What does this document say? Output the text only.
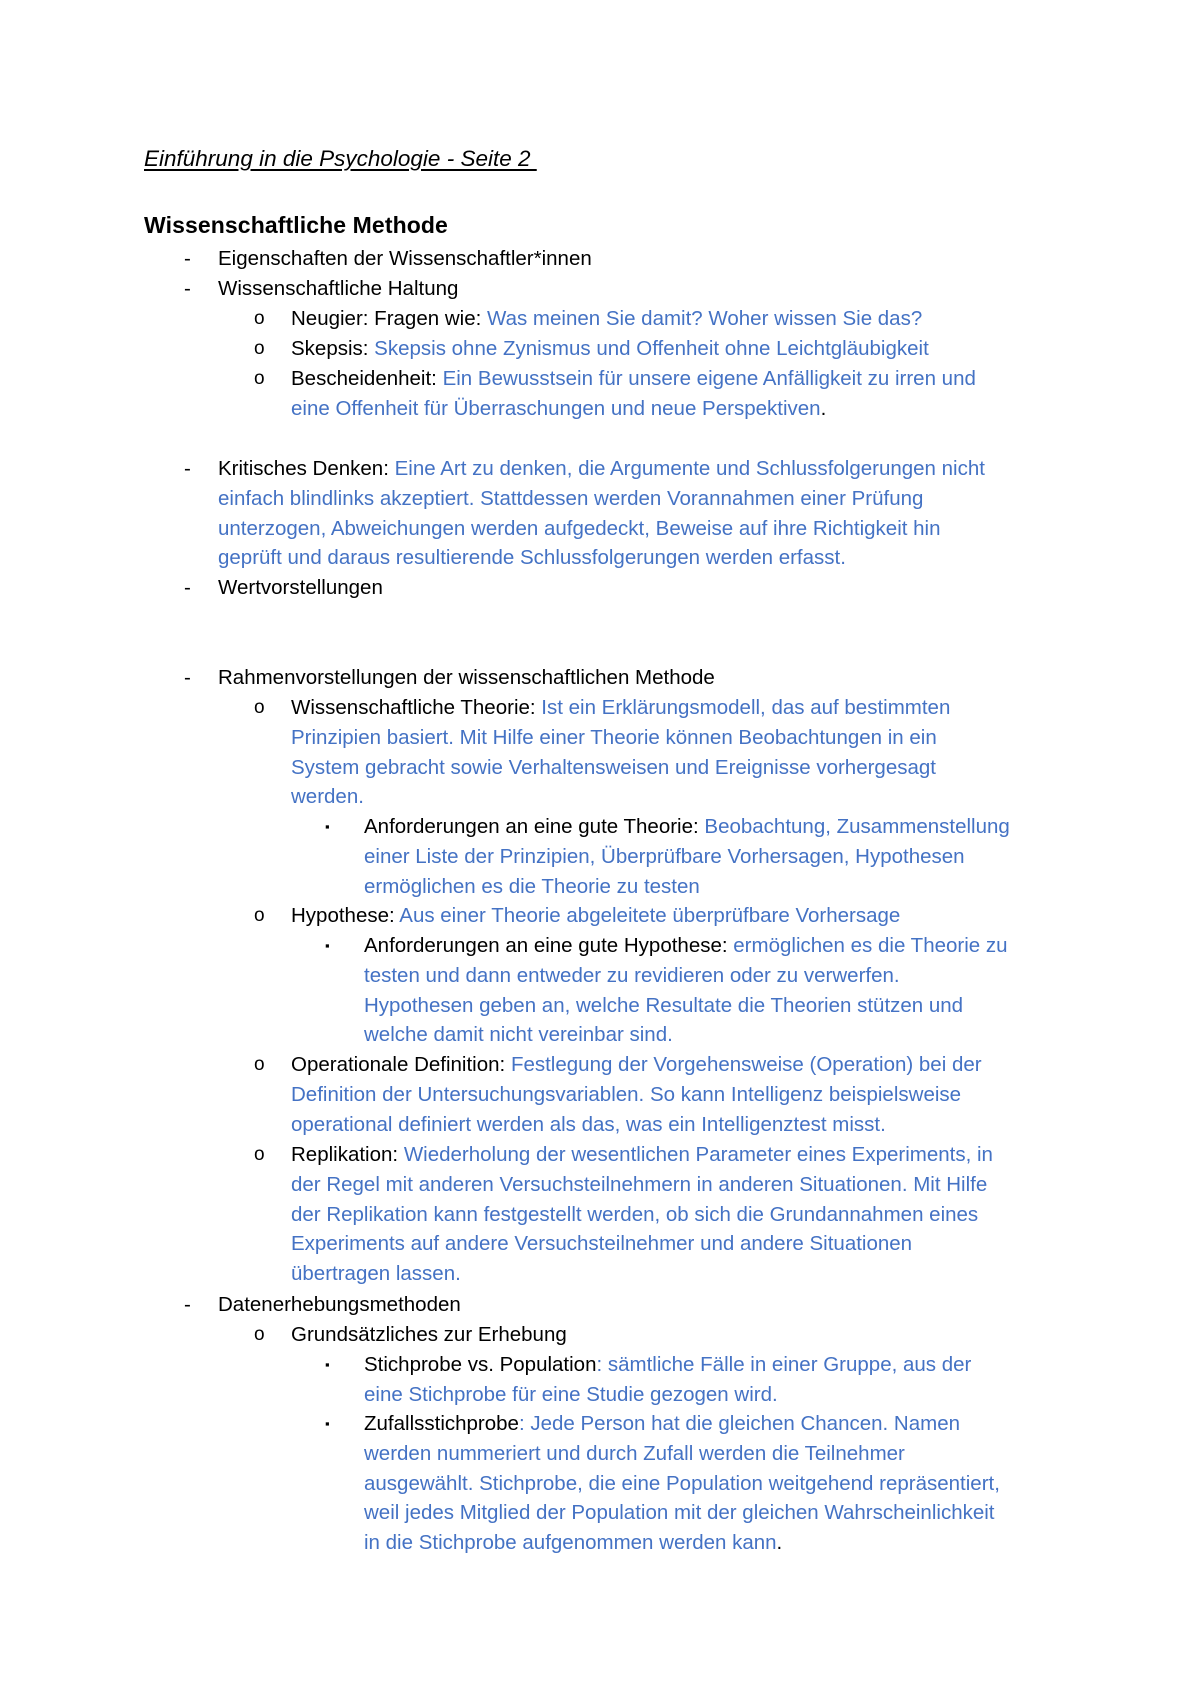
Einführung in die Psychologie - Seite 2
Wissenschaftliche Methode
- Eigenschaften der Wissenschaftler*innen
- Wissenschaftliche Haltung
o Neugier: Fragen wie: Was meinen Sie damit? Woher wissen Sie das?
o Skepsis: Skepsis ohne Zynismus und Offenheit ohne Leichtgläubigkeit
o Bescheidenheit: Ein Bewusstsein für unsere eigene Anfälligkeit zu irren und
eine Offenheit für Überraschungen und neue Perspektiven.
- Kritisches Denken: Eine Art zu denken, die Argumente und Schlussfolgerungen nicht
einfach blindlinks akzeptiert. Stattdessen werden Vorannahmen einer Prüfung
unterzogen, Abweichungen werden aufgedeckt, Beweise auf ihre Richtigkeit hin
geprüft und daraus resultierende Schlussfolgerungen werden erfasst.
- Wertvorstellungen
- Rahmenvorstellungen der wissenschaftlichen Methode
o Wissenschaftliche Theorie: Ist ein Erklärungsmodell, das auf bestimmten
Prinzipien basiert. Mit Hilfe einer Theorie können Beobachtungen in ein
System gebracht sowie Verhaltensweisen und Ereignisse vorhergesagt
werden.
▪ Anforderungen an eine gute Theorie: Beobachtung, Zusammenstellung
einer Liste der Prinzipien, Überprüfbare Vorhersagen, Hypothesen
ermöglichen es die Theorie zu testen
o Hypothese: Aus einer Theorie abgeleitete überprüfbare Vorhersage
▪ Anforderungen an eine gute Hypothese: ermöglichen es die Theorie zu
testen und dann entweder zu revidieren oder zu verwerfen.
Hypothesen geben an, welche Resultate die Theorien stützen und
welche damit nicht vereinbar sind.
o Operationale Definition: Festlegung der Vorgehensweise (Operation) bei der
Definition der Untersuchungsvariablen. So kann Intelligenz beispielsweise
operational definiert werden als das, was ein Intelligenztest misst.
o Replikation: Wiederholung der wesentlichen Parameter eines Experiments, in
der Regel mit anderen Versuchsteilnehmern in anderen Situationen. Mit Hilfe
der Replikation kann festgestellt werden, ob sich die Grundannahmen eines
Experiments auf andere Versuchsteilnehmer und andere Situationen
übertragen lassen.
- Datenerhebungsmethoden
o Grundsätzliches zur Erhebung
▪ Stichprobe vs. Population: sämtliche Fälle in einer Gruppe, aus der
eine Stichprobe für eine Studie gezogen wird.
▪ Zufallsstichprobe: Jede Person hat die gleichen Chancen. Namen
werden nummeriert und durch Zufall werden die Teilnehmer
ausgewählt. Stichprobe, die eine Population weitgehend repräsentiert,
weil jedes Mitglied der Population mit der gleichen Wahrscheinlichkeit
in die Stichprobe aufgenommen werden kann.
